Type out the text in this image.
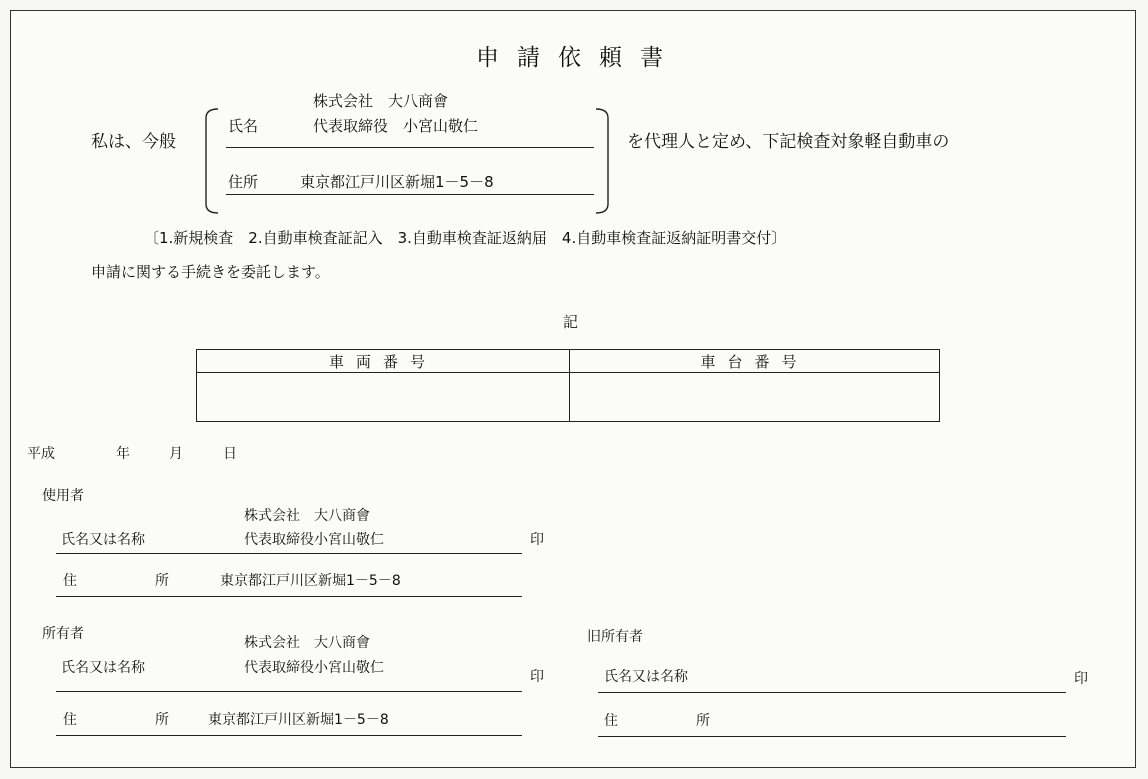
申請依頼書
私は、今般
株式会社　大八商會
氏名	代表取締役　小宮山敬仁
住所	東京都江戸川区新堀1－5－8
を代理人と定め、下記検査対象軽自動車の
〔1.新規検査　2.自動車検査証記入　3.自動車検査証返納届　4.自動車検査証返納証明書交付〕
申請に関する手続きを委託します。
記
車両番号	車台番号

平成	年	月	日
使用者
株式会社　大八商會
氏名又は名称	代表取締役小宮山敬仁	印
住	所	東京都江戸川区新堀1－5－8
所有者
株式会社　大八商會
氏名又は名称	代表取締役小宮山敬仁
印
住	所	東京都江戸川区新堀1－5－8
旧所有者
氏名又は名称	印
住	所
